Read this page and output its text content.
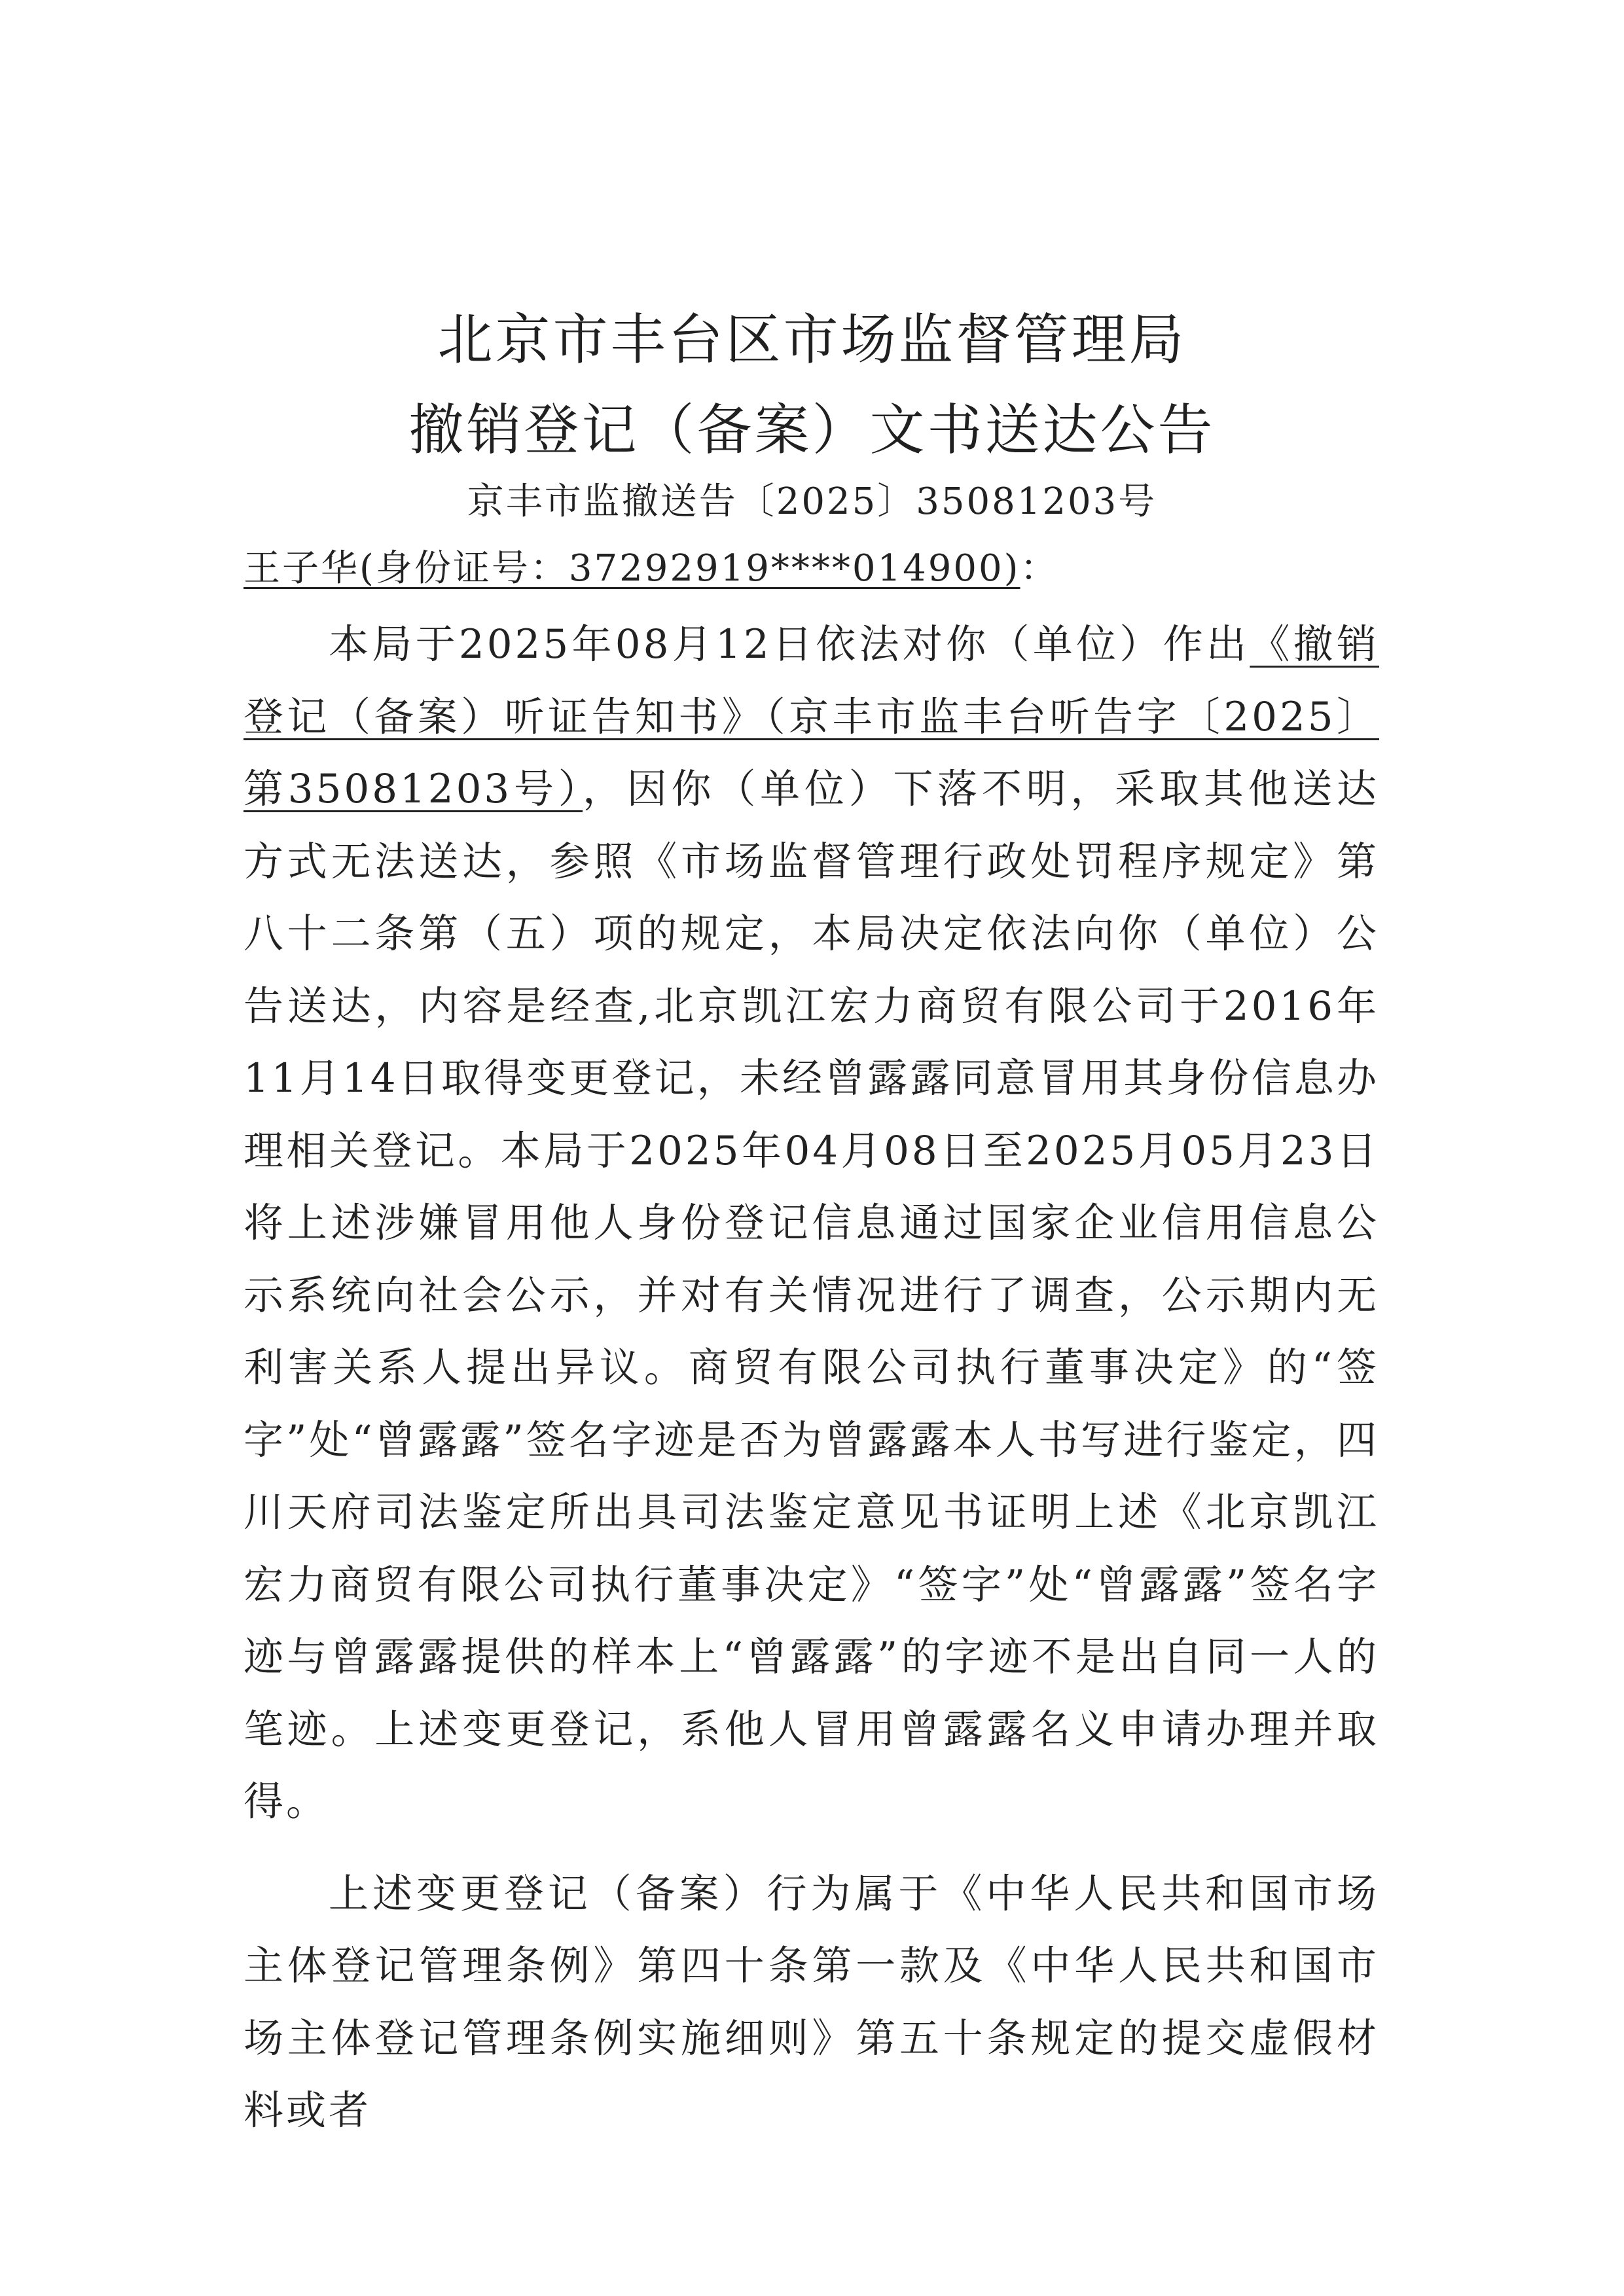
北京市丰台区市场监督管理局
撤销登记（备案）文书送达公告
京丰市监撤送告〔2025〕35081203号
王子华(身份证号：37292919****014900)：

本局于2025年08月12日依法对你（单位）作出《撤销登记（备案）听证告知书》（京丰市监丰台听告字〔2025〕第35081203号），因你（单位）下落不明，采取其他送达方式无法送达，参照《市场监督管理行政处罚程序规定》第八十二条第（五）项的规定，本局决定依法向你（单位）公告送达，内容是经查,北京凯江宏力商贸有限公司于2016年11月14日取得变更登记，未经曾露露同意冒用其身份信息办理相关登记。本局于2025年04月08日至2025月05月23日将上述涉嫌冒用他人身份登记信息通过国家企业信用信息公示系统向社会公示，并对有关情况进行了调查，公示期内无利害关系人提出异议。商贸有限公司执行董事决定》的“签字”处“曾露露”签名字迹是否为曾露露本人书写进行鉴定，四川天府司法鉴定所出具司法鉴定意见书证明上述《北京凯江宏力商贸有限公司执行董事决定》“签字”处“曾露露”签名字迹与曾露露提供的样本上“曾露露”的字迹不是出自同一人的笔迹。上述变更登记，系他人冒用曾露露名义申请办理并取得。

上述变更登记（备案）行为属于《中华人民共和国市场主体登记管理条例》第四十条第一款及《中华人民共和国市场主体登记管理条例实施细则》第五十条规定的提交虚假材料或者
